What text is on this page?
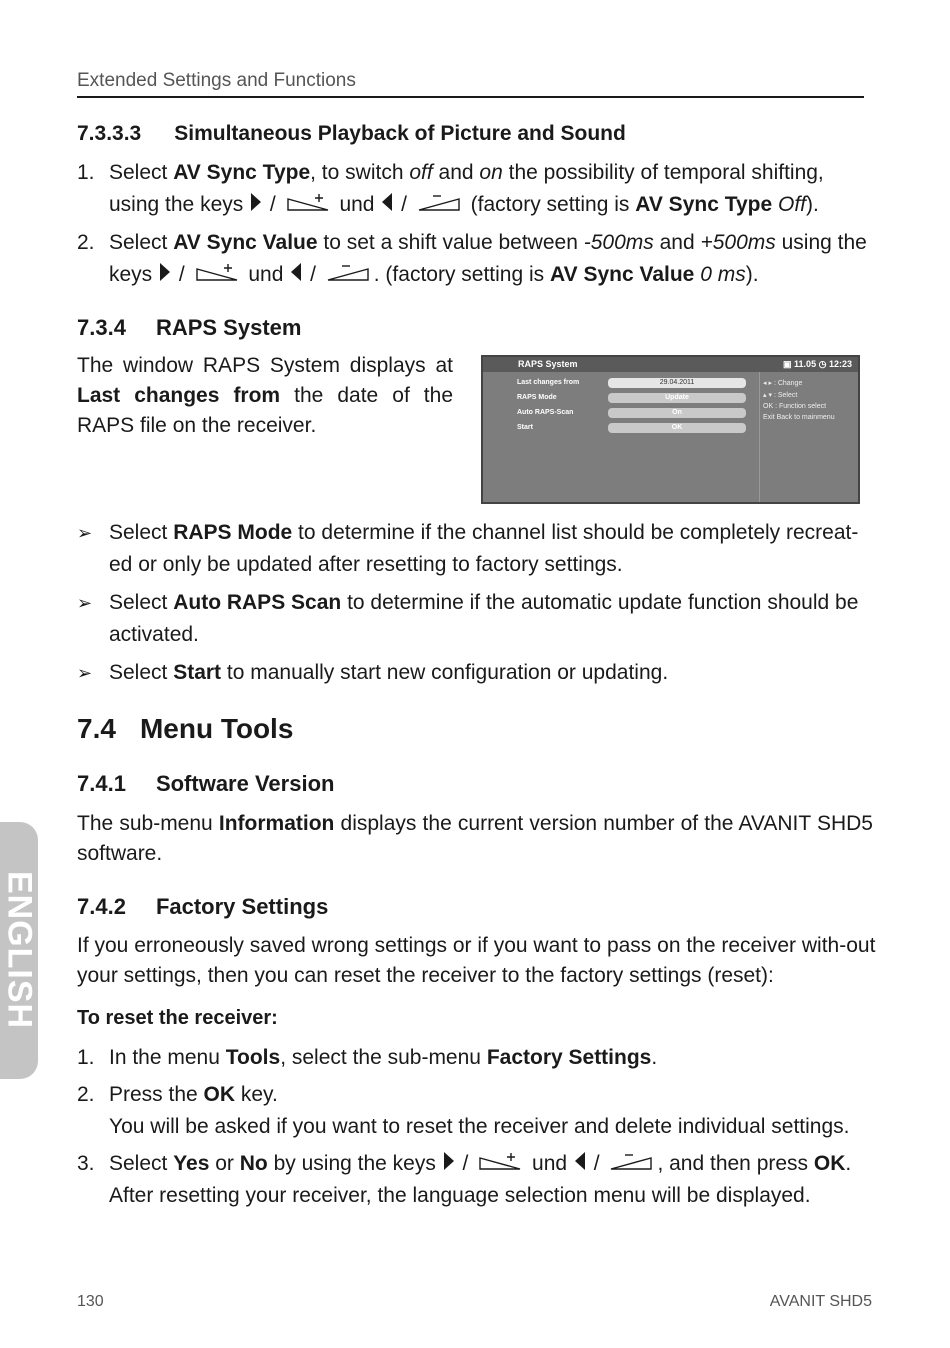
Extended Settings and Functions
7.3.3.3 Simultaneous Playback of Picture and Sound
1. Select AV Sync Type, to switch off and on the possibility of temporal shifting, using the keys  /  und  /  (factory setting is AV Sync Type Off).
2. Select AV Sync Value to set a shift value between -500ms and +500ms using the keys  /  und  / . (factory setting is AV Sync Value 0 ms).
7.3.4 RAPS System
The window RAPS System displays at Last changes from the date of the RAPS file on the receiver.
RAPS System	▣ 11.05 ◷ 12:23
Last changes from	29.04.2011
RAPS Mode	Update
Auto RAPS-Scan	On
Start	OK
◂ ▸ : Change
▴ ▾ : Select
OK : Function select
Exit Back to mainmenu
➢ Select RAPS Mode to determine if the channel list should be completely recreat-ed or only be updated after resetting to factory settings.
➢ Select Auto RAPS Scan to determine if the automatic update function should be activated.
➢ Select Start to manually start new configuration or updating.
7.4 Menu Tools
7.4.1 Software Version
The sub-menu Information displays the current version number of the AVANIT SHD5 software.
7.4.2 Factory Settings
If you erroneously saved wrong settings or if you want to pass on the receiver with-out your settings, then you can reset the receiver to the factory settings (reset):
To reset the receiver:
1. In the menu Tools, select the sub-menu Factory Settings.
2. Press the OK key.
You will be asked if you want to reset the receiver and delete individual settings.
3. Select Yes or No by using the keys  /  und  / , and then press OK.
After resetting your receiver, the language selection menu will be displayed.
ENGLISH
130	AVANIT SHD5
